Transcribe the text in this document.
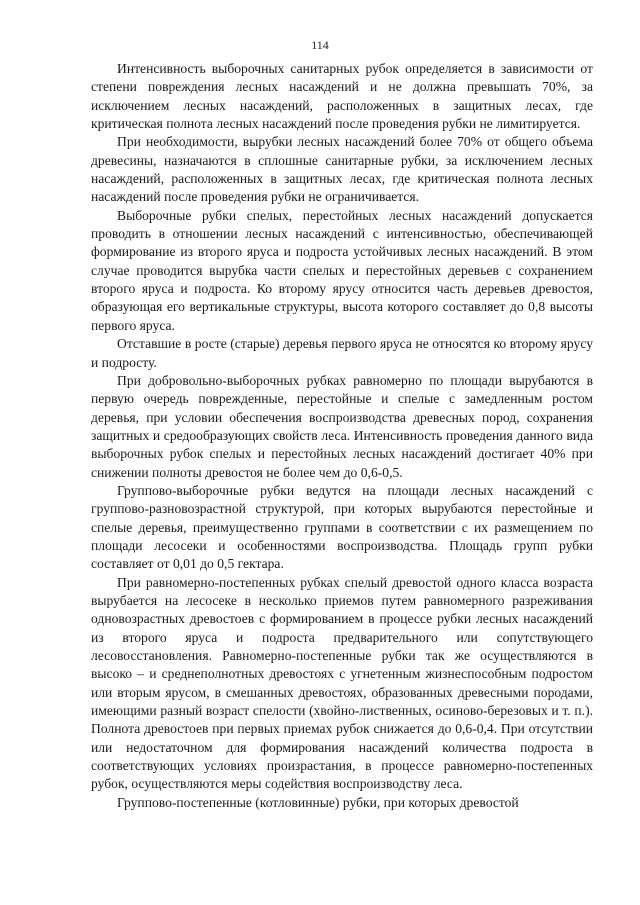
114

Интенсивность выборочных санитарных рубок определяется в зависимости от степени повреждения лесных насаждений и не должна превышать 70%, за исключением лесных насаждений, расположенных в защитных лесах, где критическая полнота лесных насаждений после проведения рубки не лимитируется.

При необходимости, вырубки лесных насаждений более 70% от общего объема древесины, назначаются в сплошные санитарные рубки, за исключением лесных насаждений, расположенных в защитных лесах, где критическая полнота лесных насаждений после проведения рубки не ограничивается.

Выборочные рубки спелых, перестойных лесных насаждений допускается проводить в отношении лесных насаждений с интенсивностью, обеспечивающей формирование из второго яруса и подроста устойчивых лесных насаждений. В этом случае проводится вырубка части спелых и перестойных деревьев с сохранением второго яруса и подроста. Ко второму ярусу относится часть деревьев древостоя, образующая его вертикальные структуры, высота которого составляет до 0,8 высоты первого яруса.

Отставшие в росте (старые) деревья первого яруса не относятся ко второму ярусу и подросту.

При добровольно-выборочных рубках равномерно по площади вырубаются в первую очередь поврежденные, перестойные и спелые с замедленным ростом деревья, при условии обеспечения воспроизводства древесных пород, сохранения защитных и средообразующих свойств леса. Интенсивность проведения данного вида выборочных рубок спелых и перестойных лесных насаждений достигает 40% при снижении полноты древостоя не более чем до 0,6-0,5.

Группово-выборочные рубки ведутся на площади лесных насаждений с группово-разновозрастной структурой, при которых вырубаются перестойные и спелые деревья, преимущественно группами в соответствии с их размещением по площади лесосеки и особенностями воспроизводства. Площадь групп рубки составляет от 0,01 до 0,5 гектара.

При равномерно-постепенных рубках спелый древостой одного класса возраста вырубается на лесосеке в несколько приемов путем равномерного разреживания одновозрастных древостоев с формированием в процессе рубки лесных насаждений из второго яруса и подроста предварительного или сопутствующего лесовосстановления. Равномерно-постепенные рубки так же осуществляются в высоко – и среднеполнотных древостоях с угнетенным жизнеспособным подростом или вторым ярусом, в смешанных древостоях, образованных древесными породами, имеющими разный возраст спелости (хвойно-лиственных, осиново-березовых и т. п.). Полнота древостоев при первых приемах рубок снижается до 0,6-0,4. При отсутствии или недостаточном для формирования насаждений количества подроста в соответствующих условиях произрастания, в процессе равномерно-постепенных рубок, осуществляются меры содействия воспроизводству леса.

Группово-постепенные (котловинные) рубки, при которых древостой
